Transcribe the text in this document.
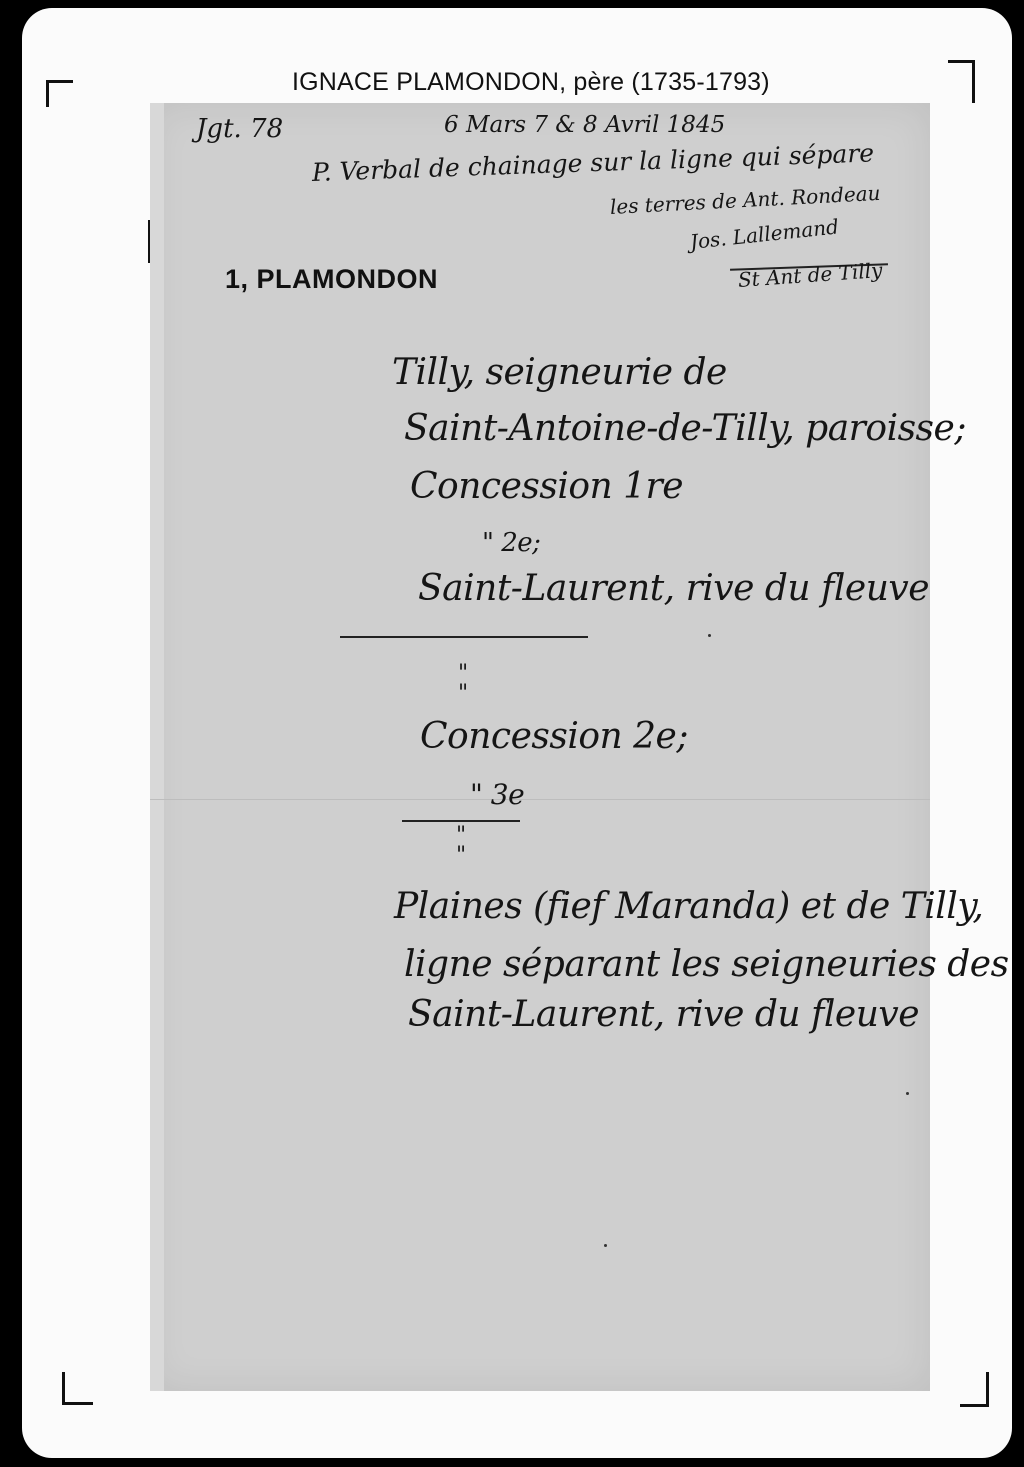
IGNACE PLAMONDON, père (1735-1793)
1, PLAMONDON
Jgt. 78	6 Mars 7 & 8 Avril 1845
P. Verbal de chainage sur la ligne qui sépare
les terres de Ant. Rondeau
Jos. Lallemand
St Ant de Tilly
Tilly, seigneurie de
Saint-Antoine-de-Tilly, paroisse;
Concession 1re
" 2e;
Saint-Laurent, rive du fleuve
"
"
Concession 2e;
" 3e
"
"
Plaines (fief Maranda) et de Tilly,
ligne séparant les seigneuries des
Saint-Laurent, rive du fleuve
